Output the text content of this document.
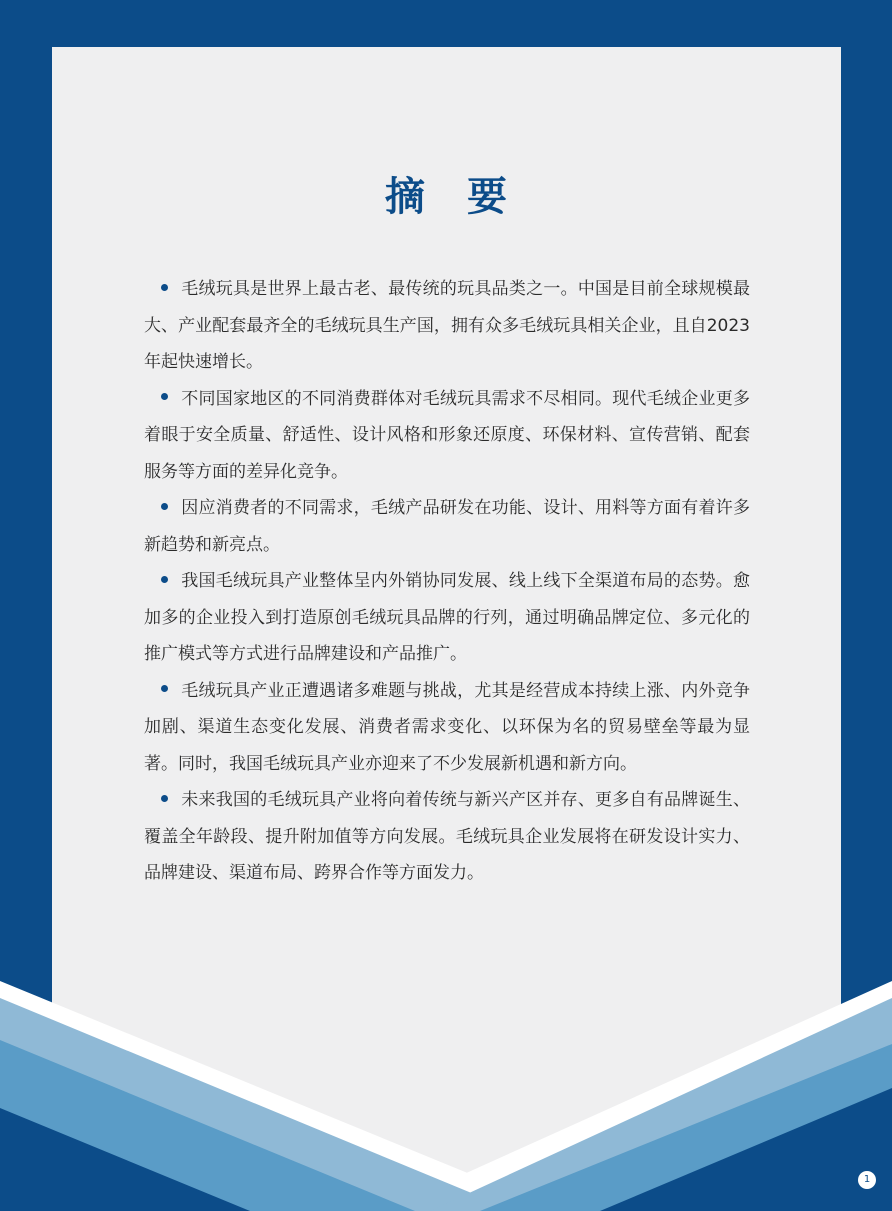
摘 要

毛绒玩具是世界上最古老、最传统的玩具品类之一。中国是目前全球规模最大、产业配套最齐全的毛绒玩具生产国，拥有众多毛绒玩具相关企业，且自2023年起快速增长。

不同国家地区的不同消费群体对毛绒玩具需求不尽相同。现代毛绒企业更多着眼于安全质量、舒适性、设计风格和形象还原度、环保材料、宣传营销、配套服务等方面的差异化竞争。

因应消费者的不同需求，毛绒产品研发在功能、设计、用料等方面有着许多新趋势和新亮点。

我国毛绒玩具产业整体呈内外销协同发展、线上线下全渠道布局的态势。愈加多的企业投入到打造原创毛绒玩具品牌的行列，通过明确品牌定位、多元化的推广模式等方式进行品牌建设和产品推广。

毛绒玩具产业正遭遇诸多难题与挑战，尤其是经营成本持续上涨、内外竞争加剧、渠道生态变化发展、消费者需求变化、以环保为名的贸易壁垒等最为显著。同时，我国毛绒玩具产业亦迎来了不少发展新机遇和新方向。

未来我国的毛绒玩具产业将向着传统与新兴产区并存、更多自有品牌诞生、覆盖全年龄段、提升附加值等方向发展。毛绒玩具企业发展将在研发设计实力、品牌建设、渠道布局、跨界合作等方面发力。

1
